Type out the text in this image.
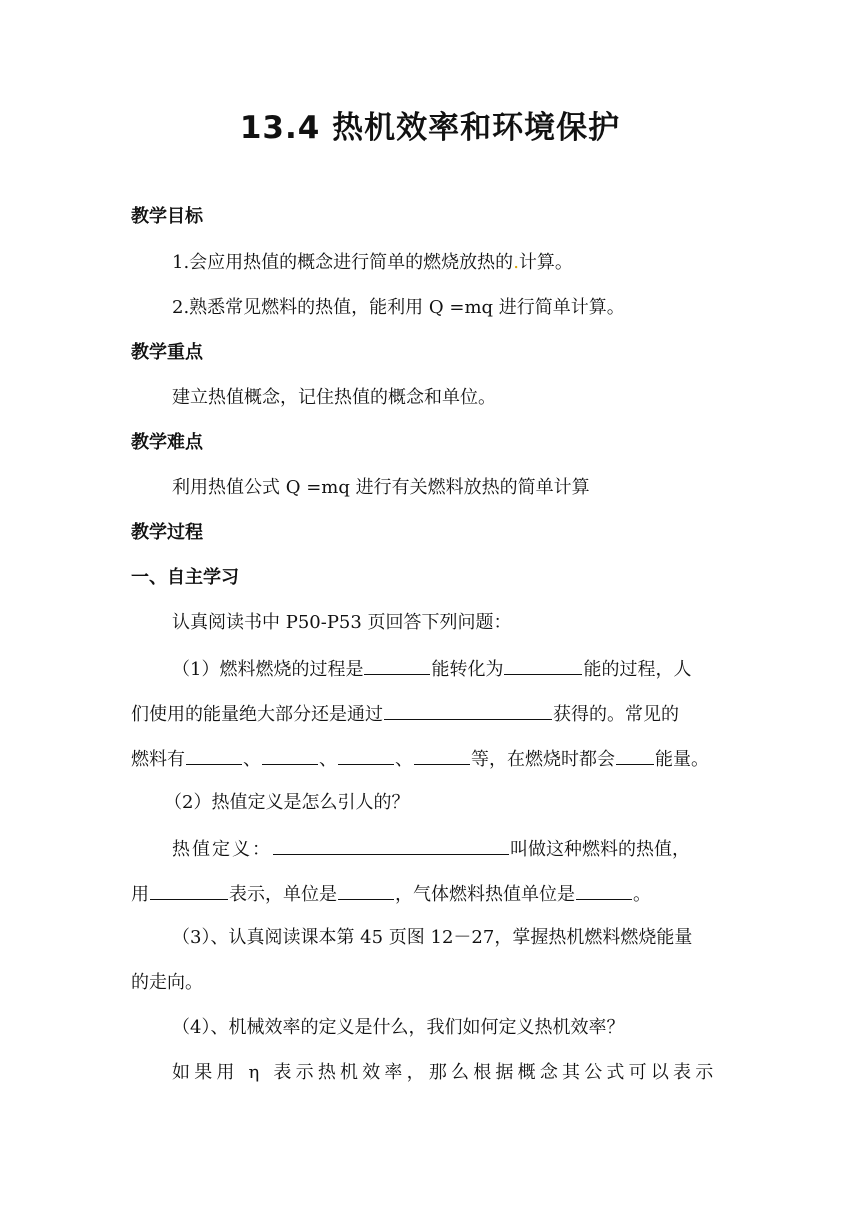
13.4 热机效率和环境保护
教学目标
1.会应用热值的概念进行简单的燃烧放热的.计算。
2.熟悉常见燃料的热值，能利用 Q =mq 进行简单计算。
教学重点
建立热值概念，记住热值的概念和单位。
教学难点
利用热值公式 Q =mq 进行有关燃料放热的简单计算
教学过程
一、自主学习
认真阅读书中 P50-P53 页回答下列问题：
（1）燃料燃烧的过程是	能转化为	能的过程，人
们使用的能量绝大部分还是通过	获得的。常见的
燃料有	、	、	、	等，在燃烧时都会 能量。
（2）热值定义是怎么引人的？
热值定义：	叫做这种燃料的热值，
用	表示，单位是	，气体燃料热值单位是	。
（3）、认真阅读课本第 45 页图 12－27，掌握热机燃料燃烧能量
的走向。
（4）、机械效率的定义是什么，我们如何定义热机效率？
如果用 η 表示热机效率，那么根据概念其公式可以表示
